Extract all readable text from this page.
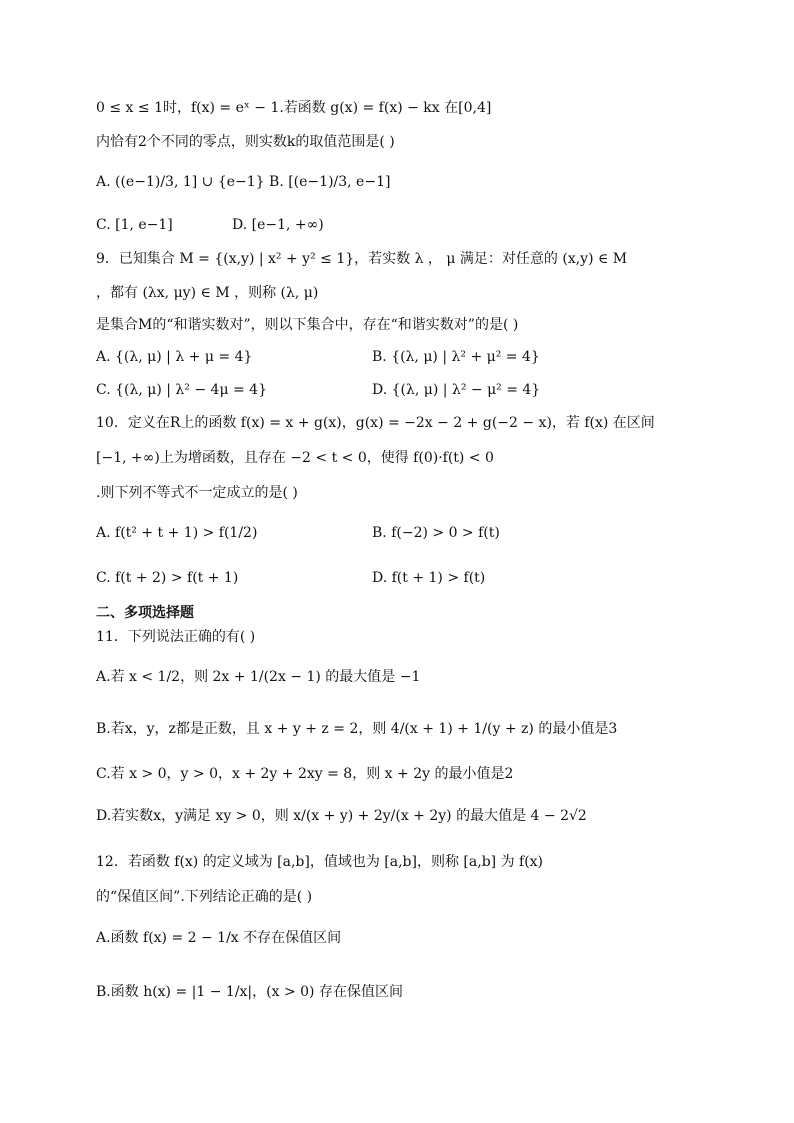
0 ≤ x ≤ 1时，f(x) = eˣ − 1.若函数 g(x) = f(x) − kx 在[0,4]
内恰有2个不同的零点，则实数k的取值范围是( )
A. ((e−1)/3, 1] ∪ {e−1} B. [(e−1)/3, e−1]
C. [1, e−1]	D. [e−1, +∞)
9．已知集合 M = {(x,y) | x² + y² ≤ 1}，若实数 λ ， μ 满足：对任意的 (x,y) ∈ M
，都有 (λx, μy) ∈ M ，则称 (λ, μ)
是集合M的“和谐实数对”，则以下集合中，存在“和谐实数对”的是( )
A. {(λ, μ) | λ + μ = 4}	B. {(λ, μ) | λ² + μ² = 4}
C. {(λ, μ) | λ² − 4μ = 4}	D. {(λ, μ) | λ² − μ² = 4}
10．定义在R上的函数 f(x) = x + g(x)，g(x) = −2x − 2 + g(−2 − x)，若 f(x) 在区间
[−1, +∞)上为增函数，且存在 −2 < t < 0，使得 f(0)·f(t) < 0
.则下列不等式不一定成立的是( )
A. f(t² + t + 1) > f(1/2)	B. f(−2) > 0 > f(t)
C. f(t + 2) > f(t + 1)	D. f(t + 1) > f(t)
二、多项选择题
11．下列说法正确的有( )
A.若 x < 1/2，则 2x + 1/(2x − 1) 的最大值是 −1
B.若x，y，z都是正数，且 x + y + z = 2，则 4/(x + 1) + 1/(y + z) 的最小值是3
C.若 x > 0，y > 0，x + 2y + 2xy = 8，则 x + 2y 的最小值是2
D.若实数x，y满足 xy > 0，则 x/(x + y) + 2y/(x + 2y) 的最大值是 4 − 2√2
12．若函数 f(x) 的定义域为 [a,b]，值域也为 [a,b]，则称 [a,b] 为 f(x)
的“保值区间”.下列结论正确的是( )
A.函数 f(x) = 2 − 1/x 不存在保值区间
B.函数 h(x) = |1 − 1/x|，(x > 0) 存在保值区间
